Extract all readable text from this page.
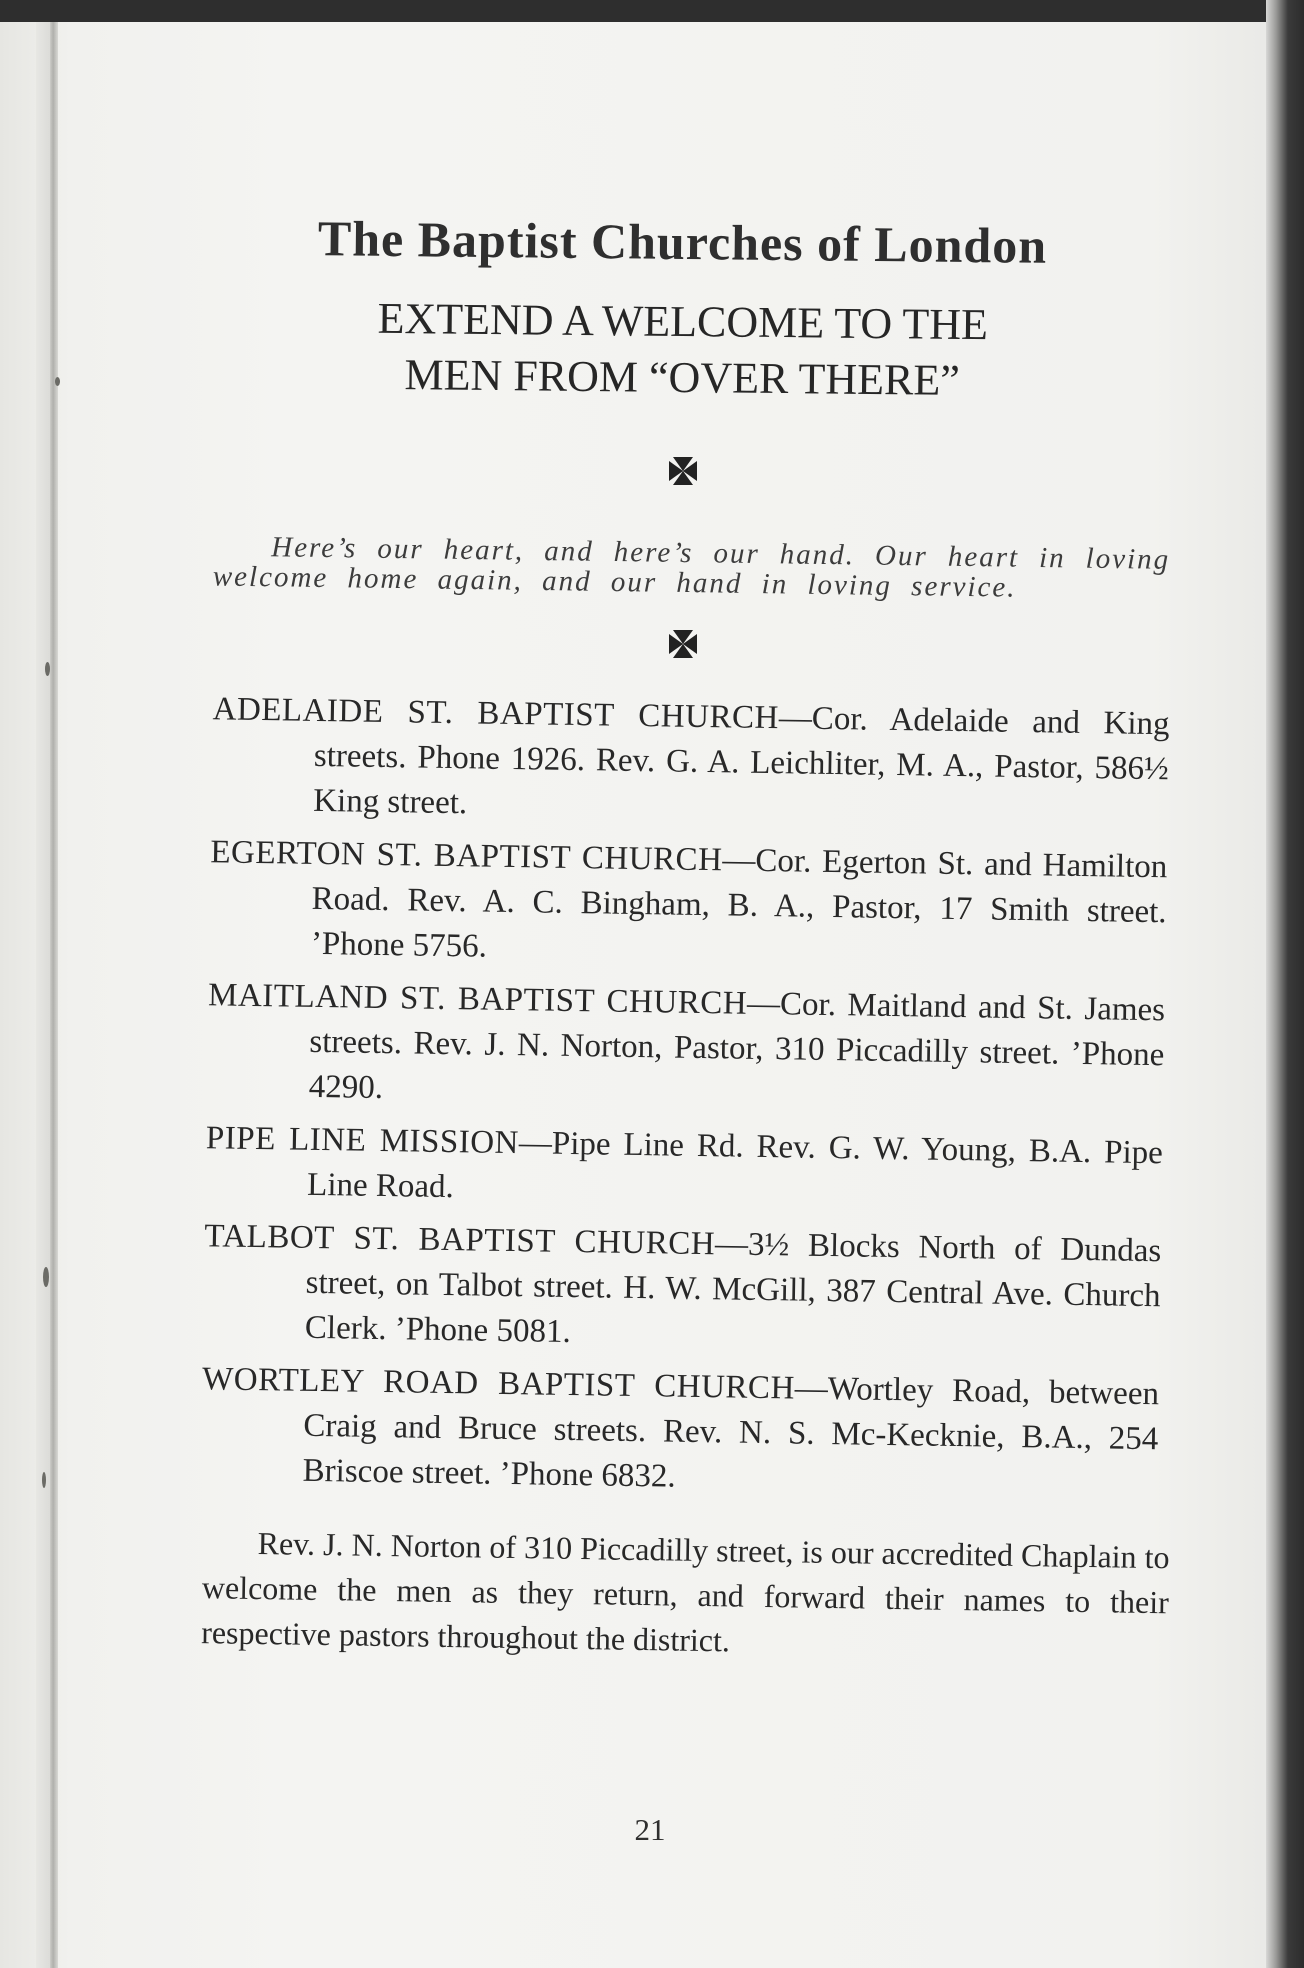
The Baptist Churches of London
EXTEND A WELCOME TO THE
MEN FROM “OVER THERE”

Here’s our heart, and here’s our hand. Our heart in loving welcome home again, and our hand in loving service.

ADELAIDE ST. BAPTIST CHURCH—Cor. Adelaide and King streets. Phone 1926. Rev. G. A. Leichliter, M. A., Pastor, 586½ King street.
EGERTON ST. BAPTIST CHURCH—Cor. Egerton St. and Hamilton Road. Rev. A. C. Bingham, B. A., Pastor, 17 Smith street. ’Phone 5756.
MAITLAND ST. BAPTIST CHURCH—Cor. Maitland and St. James streets. Rev. J. N. Norton, Pastor, 310 Piccadilly street. ’Phone 4290.
PIPE LINE MISSION—Pipe Line Rd. Rev. G. W. Young, B.A. Pipe Line Road.
TALBOT ST. BAPTIST CHURCH—3½ Blocks North of Dundas street, on Talbot street. H. W. McGill, 387 Central Ave. Church Clerk. ’Phone 5081.
WORTLEY ROAD BAPTIST CHURCH—Wortley Road, between Craig and Bruce streets. Rev. N. S. Mc-Kecknie, B.A., 254 Briscoe street. ’Phone 6832.

Rev. J. N. Norton of 310 Piccadilly street, is our accredited Chaplain to welcome the men as they return, and forward their names to their respective pastors throughout the district.

21
